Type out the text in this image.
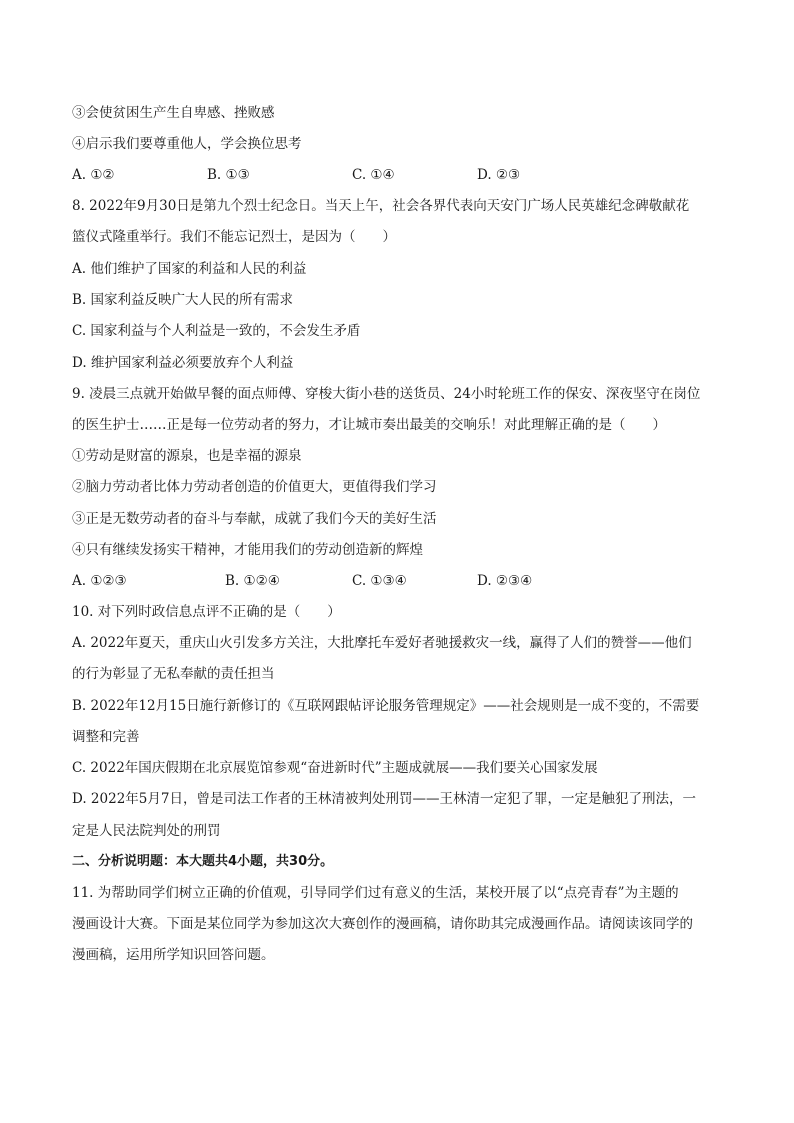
③会使贫困生产生自卑感、挫败感
④启示我们要尊重他人，学会换位思考
A. ①②	B. ①③	C. ①④	D. ②③
8. 2022年9月30日是第九个烈士纪念日。当天上午，社会各界代表向天安门广场人民英雄纪念碑敬献花
篮仪式隆重举行。我们不能忘记烈士，是因为（　　）
A. 他们维护了国家的利益和人民的利益
B. 国家利益反映广大人民的所有需求
C. 国家利益与个人利益是一致的，不会发生矛盾
D. 维护国家利益必须要放弃个人利益
9. 凌晨三点就开始做早餐的面点师傅、穿梭大街小巷的送货员、24小时轮班工作的保安、深夜坚守在岗位
的医生护士……正是每一位劳动者的努力，才让城市奏出最美的交响乐！对此理解正确的是（　　）
①劳动是财富的源泉，也是幸福的源泉
②脑力劳动者比体力劳动者创造的价值更大，更值得我们学习
③正是无数劳动者的奋斗与奉献，成就了我们今天的美好生活
④只有继续发扬实干精神，才能用我们的劳动创造新的辉煌
A. ①②③	B. ①②④	C. ①③④	D. ②③④
10. 对下列时政信息点评不正确的是（　　）
A. 2022年夏天，重庆山火引发多方关注，大批摩托车爱好者驰援救灾一线，赢得了人们的赞誉——他们
的行为彰显了无私奉献的责任担当
B. 2022年12月15日施行新修订的《互联网跟帖评论服务管理规定》——社会规则是一成不变的，不需要
调整和完善
C. 2022年国庆假期在北京展览馆参观“奋进新时代”主题成就展——我们要关心国家发展
D. 2022年5月7日，曾是司法工作者的王林清被判处刑罚——王林清一定犯了罪，一定是触犯了刑法，一
定是人民法院判处的刑罚
二、分析说明题：本大题共4小题，共30分。
11. 为帮助同学们树立正确的价值观，引导同学们过有意义的生活，某校开展了以“点亮青春”为主题的
漫画设计大赛。下面是某位同学为参加这次大赛创作的漫画稿，请你助其完成漫画作品。请阅读该同学的
漫画稿，运用所学知识回答问题。
